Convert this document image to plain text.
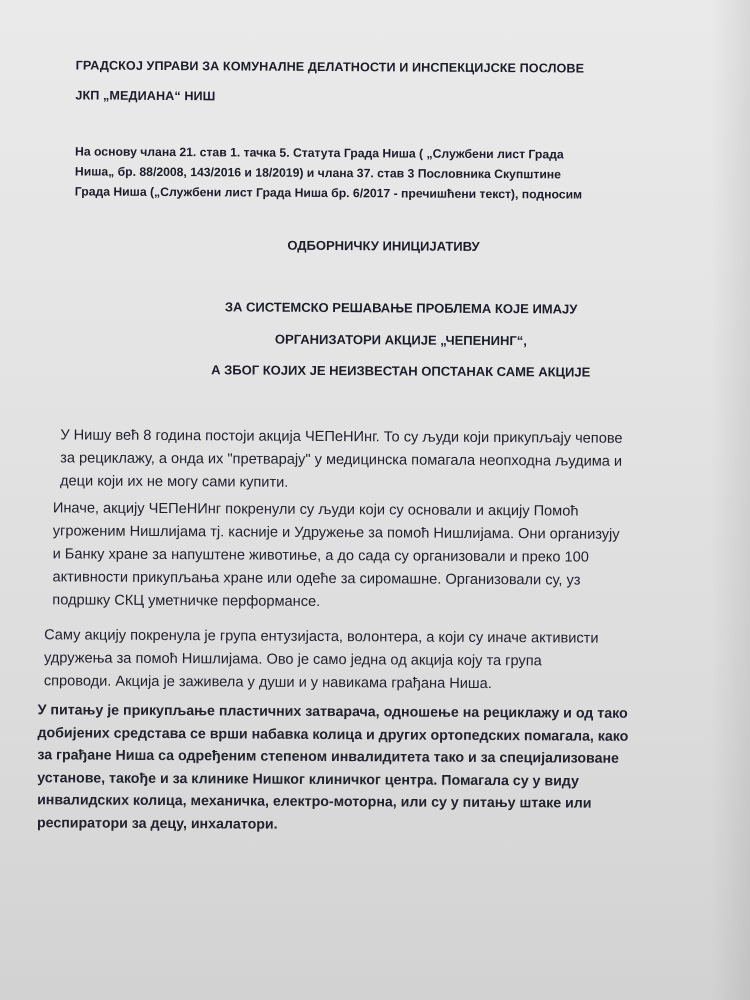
ГРАДСКОЈ УПРАВИ ЗА КОМУНАЛНЕ ДЕЛАТНОСТИ И ИНСПЕКЦИЈСКЕ ПОСЛОВЕ
ЈКП „МЕДИАНА“ НИШ
На основу члана 21. став 1. тачка 5. Статута Града Ниша ( „Службени лист Града
Ниша„ бр. 88/2008, 143/2016 и 18/2019) и члана 37. став 3 Пословника Скупштине
Града Ниша („Службени лист Града Ниша бр. 6/2017 - пречишћени текст), подносим
ОДБОРНИЧКУ ИНИЦИЈАТИВУ
ЗА СИСТЕМСКО РЕШАВАЊЕ ПРОБЛЕМА КОЈЕ ИМАЈУ
ОРГАНИЗАТОРИ АКЦИЈЕ „ЧЕПЕНИНГ“,
А ЗБОГ КОЈИХ ЈЕ НЕИЗВЕСТАН ОПСТАНАК САМЕ АКЦИЈЕ
У Нишу већ 8 година постоји акција ЧЕПеНИнг. То су људи који прикупљају чепове
за рециклажу, а онда их "претварају" у медицинска помагала неопходна људима и
деци који их не могу сами купити.
Иначе, акцију ЧЕПеНИнг покренули су људи који су основали и акцију Помоћ
угроженим Нишлијама тј. касније и Удружење за помоћ Нишлијама. Они организују
и Банку хране за напуштене животиње, а до сада су организовали и преко 100
активности прикупљања хране или одеће за сиромашне. Организовали су, уз
подршку СКЦ уметничке перформансе.
Саму акцију покренула је група ентузијаста, волонтера, а који су иначе активисти
удружења за помоћ Нишлијама. Ово је само једна од акција коју та група
спроводи. Акција је заживела у души и у навикама грађана Ниша.
У питању је прикупљање пластичних затварача, одношење на рециклажу и од тако
добијених средстава се врши набавка колица и других ортопедских помагала, како
за грађане Ниша са одређеним степеном инвалидитета тако и за специјализоване
установе, такође и за клинике Нишког клиничког центра. Помагала су у виду
инвалидских колица, механичка, електро-моторна, или су у питању штаке или
респиратори за децу, инхалатори.
